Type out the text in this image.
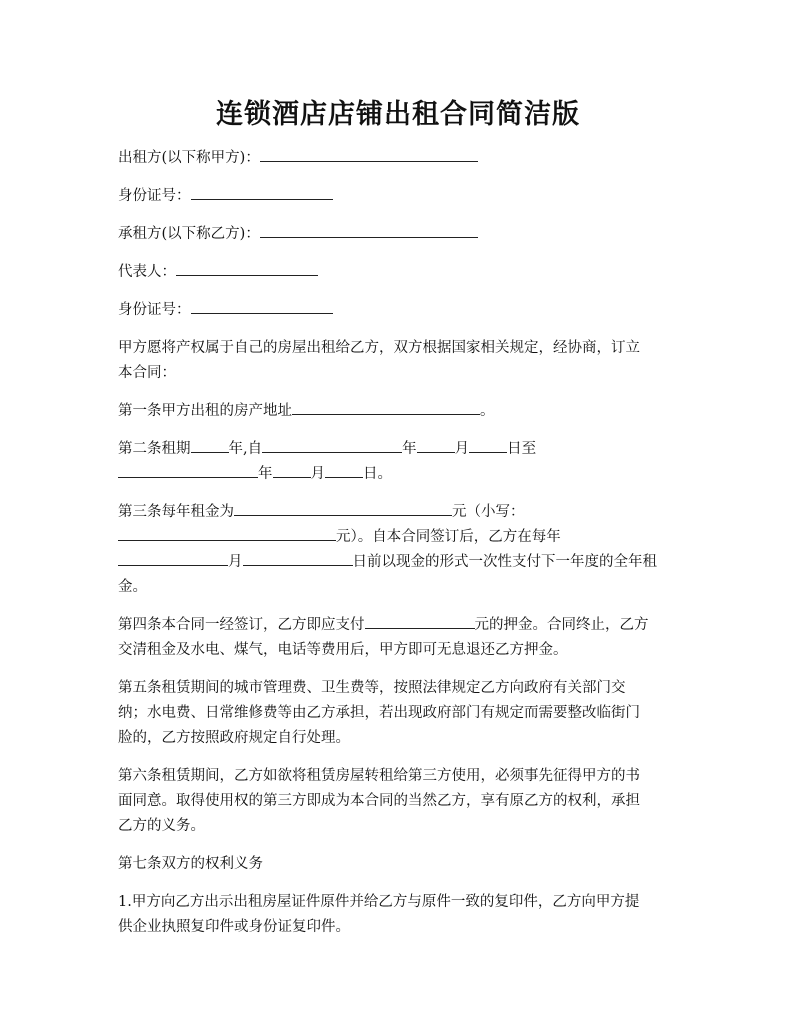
连锁酒店店铺出租合同简洁版

出租方(以下称甲方)：

身份证号：

承租方(以下称乙方)：

代表人：

身份证号：

甲方愿将产权属于自己的房屋出租给乙方，双方根据国家相关规定，经协商，订立
本合同：

第一条甲方出租的房产地址	。

第二条租期	年,自	年	月	日至
年	月	日。

第三条每年租金为	元（小写：
元）。自本合同签订后，乙方在每年
月	日前以现金的形式一次性支付下一年度的全年租
金。

第四条本合同一经签订，乙方即应支付	元的押金。合同终止，乙方
交清租金及水电、煤气，电话等费用后，甲方即可无息退还乙方押金。

第五条租赁期间的城市管理费、卫生费等，按照法律规定乙方向政府有关部门交
纳；水电费、日常维修费等由乙方承担，若出现政府部门有规定而需要整改临街门
脸的，乙方按照政府规定自行处理。

第六条租赁期间，乙方如欲将租赁房屋转租给第三方使用，必须事先征得甲方的书
面同意。取得使用权的第三方即成为本合同的当然乙方，享有原乙方的权利，承担
乙方的义务。

第七条双方的权利义务

1.甲方向乙方出示出租房屋证件原件并给乙方与原件一致的复印件，乙方向甲方提
供企业执照复印件或身份证复印件。
